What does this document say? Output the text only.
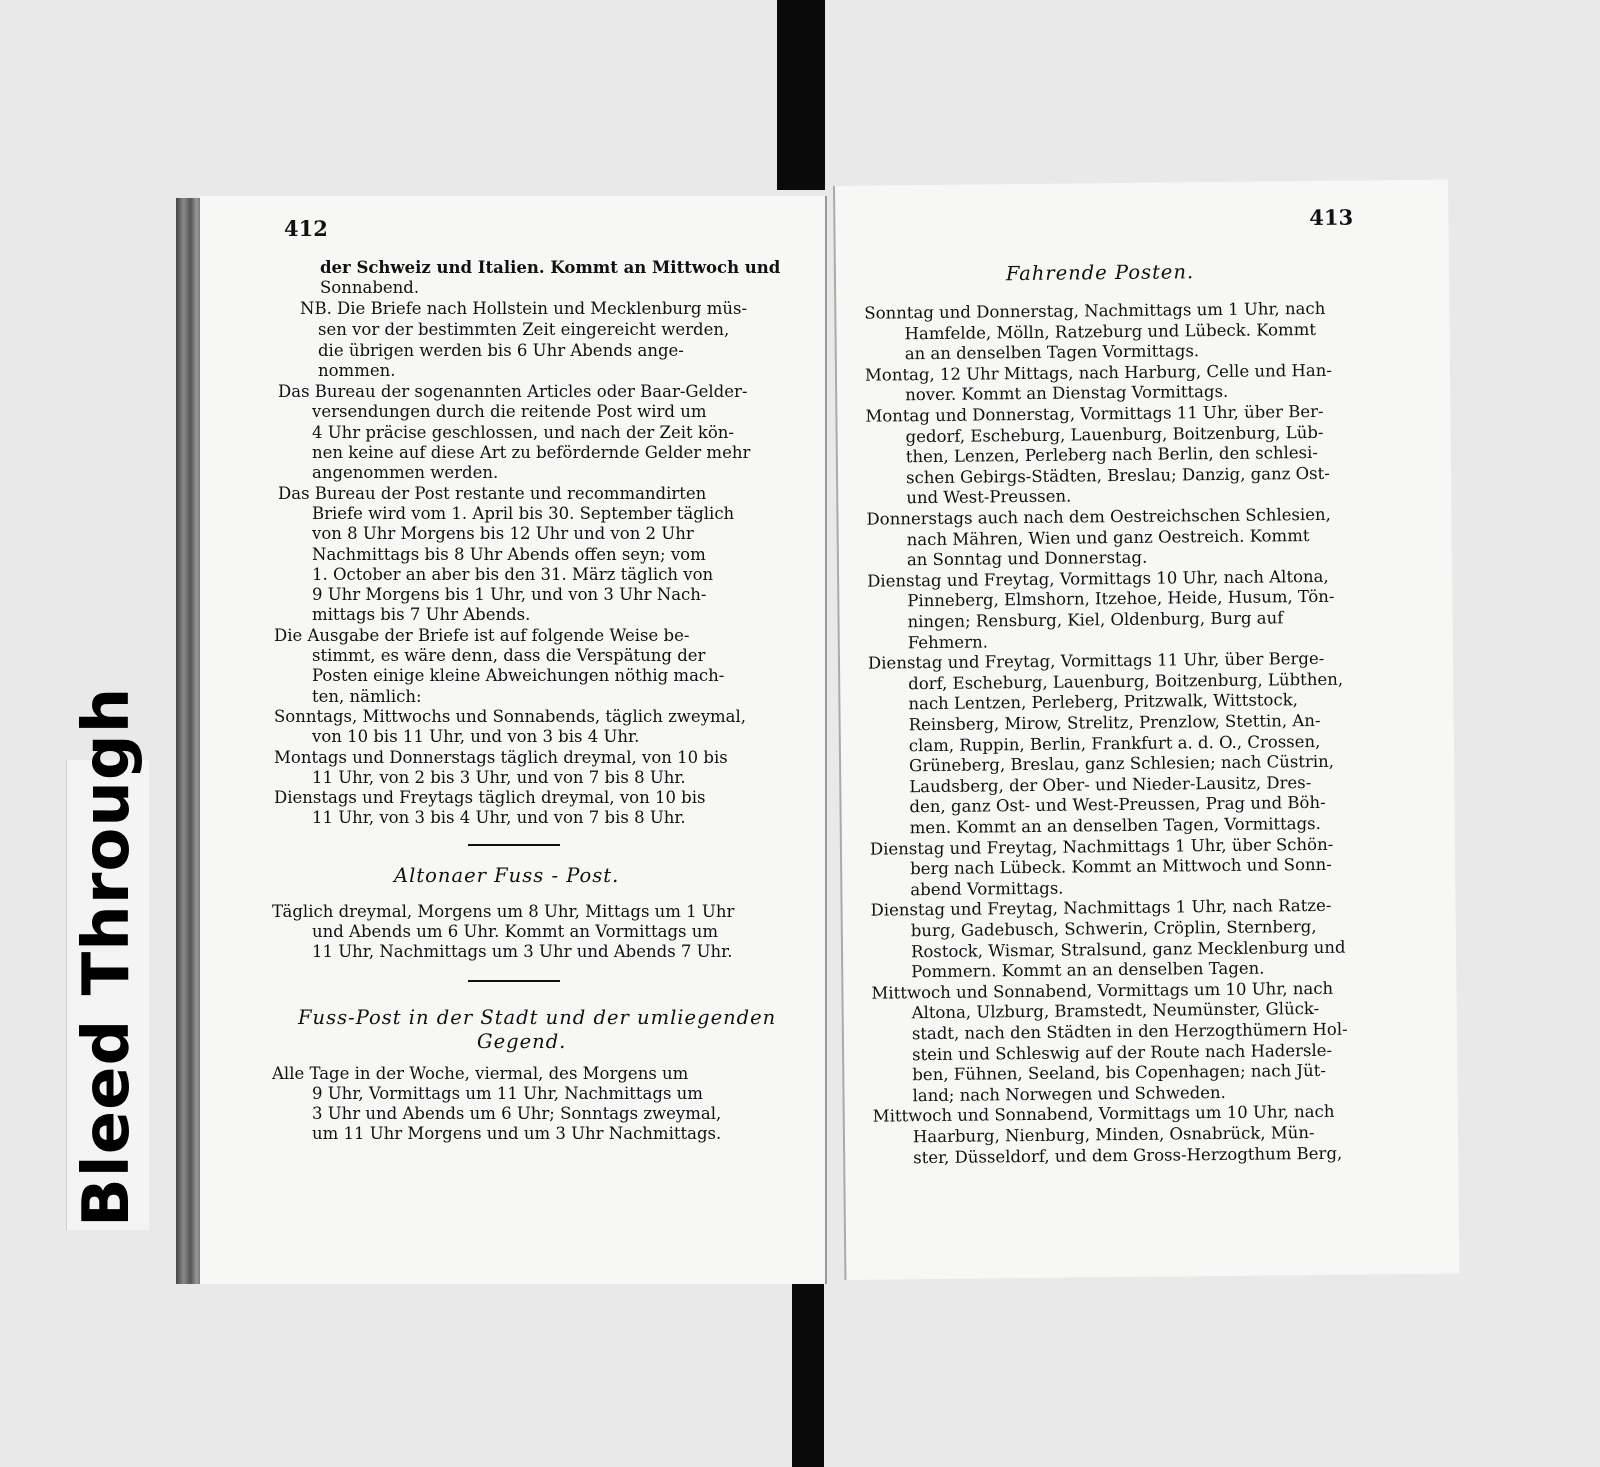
Bleed Through
412
der Schweiz und Italien. Kommt an Mittwoch und
Sonnabend.
NB. Die Briefe nach Hollstein und Mecklenburg müs-
sen vor der bestimmten Zeit eingereicht werden,
die übrigen werden bis 6 Uhr Abends ange-
nommen.
Das Bureau der sogenannten Articles oder Baar-Gelder-
versendungen durch die reitende Post wird um
4 Uhr präcise geschlossen, und nach der Zeit kön-
nen keine auf diese Art zu befördernde Gelder mehr
angenommen werden.
Das Bureau der Post restante und recommandirten
Briefe wird vom 1. April bis 30. September täglich
von 8 Uhr Morgens bis 12 Uhr und von 2 Uhr
Nachmittags bis 8 Uhr Abends offen seyn; vom
1. October an aber bis den 31. März täglich von
9 Uhr Morgens bis 1 Uhr, und von 3 Uhr Nach-
mittags bis 7 Uhr Abends.
Die Ausgabe der Briefe ist auf folgende Weise be-
stimmt, es wäre denn, dass die Verspätung der
Posten einige kleine Abweichungen nöthig mach-
ten, nämlich:
Sonntags, Mittwochs und Sonnabends, täglich zweymal,
von 10 bis 11 Uhr, und von 3 bis 4 Uhr.
Montags und Donnerstags täglich dreymal, von 10 bis
11 Uhr, von 2 bis 3 Uhr, und von 7 bis 8 Uhr.
Dienstags und Freytags täglich dreymal, von 10 bis
11 Uhr, von 3 bis 4 Uhr, und von 7 bis 8 Uhr.
Altonaer Fuss - Post.
Täglich dreymal, Morgens um 8 Uhr, Mittags um 1 Uhr
und Abends um 6 Uhr. Kommt an Vormittags um
11 Uhr, Nachmittags um 3 Uhr und Abends 7 Uhr.
Fuss-Post in der Stadt und der umliegenden
Gegend.
Alle Tage in der Woche, viermal, des Morgens um
9 Uhr, Vormittags um 11 Uhr, Nachmittags um
3 Uhr und Abends um 6 Uhr; Sonntags zweymal,
um 11 Uhr Morgens und um 3 Uhr Nachmittags.
413
Fahrende Posten.
Sonntag und Donnerstag, Nachmittags um 1 Uhr, nach
Hamfelde, Mölln, Ratzeburg und Lübeck. Kommt
an an denselben Tagen Vormittags.
Montag, 12 Uhr Mittags, nach Harburg, Celle und Han-
nover. Kommt an Dienstag Vormittags.
Montag und Donnerstag, Vormittags 11 Uhr, über Ber-
gedorf, Escheburg, Lauenburg, Boitzenburg, Lüb-
then, Lenzen, Perleberg nach Berlin, den schlesi-
schen Gebirgs-Städten, Breslau; Danzig, ganz Ost-
und West-Preussen.
Donnerstags auch nach dem Oestreichschen Schlesien,
nach Mähren, Wien und ganz Oestreich. Kommt
an Sonntag und Donnerstag.
Dienstag und Freytag, Vormittags 10 Uhr, nach Altona,
Pinneberg, Elmshorn, Itzehoe, Heide, Husum, Tön-
ningen; Rensburg, Kiel, Oldenburg, Burg auf
Fehmern.
Dienstag und Freytag, Vormittags 11 Uhr, über Berge-
dorf, Escheburg, Lauenburg, Boitzenburg, Lübthen,
nach Lentzen, Perleberg, Pritzwalk, Wittstock,
Reinsberg, Mirow, Strelitz, Prenzlow, Stettin, An-
clam, Ruppin, Berlin, Frankfurt a. d. O., Crossen,
Grüneberg, Breslau, ganz Schlesien; nach Cüstrin,
Laudsberg, der Ober- und Nieder-Lausitz, Dres-
den, ganz Ost- und West-Preussen, Prag und Böh-
men. Kommt an an denselben Tagen, Vormittags.
Dienstag und Freytag, Nachmittags 1 Uhr, über Schön-
berg nach Lübeck. Kommt an Mittwoch und Sonn-
abend Vormittags.
Dienstag und Freytag, Nachmittags 1 Uhr, nach Ratze-
burg, Gadebusch, Schwerin, Cröplin, Sternberg,
Rostock, Wismar, Stralsund, ganz Mecklenburg und
Pommern. Kommt an an denselben Tagen.
Mittwoch und Sonnabend, Vormittags um 10 Uhr, nach
Altona, Ulzburg, Bramstedt, Neumünster, Glück-
stadt, nach den Städten in den Herzogthümern Hol-
stein und Schleswig auf der Route nach Hadersle-
ben, Fühnen, Seeland, bis Copenhagen; nach Jüt-
land; nach Norwegen und Schweden.
Mittwoch und Sonnabend, Vormittags um 10 Uhr, nach
Haarburg, Nienburg, Minden, Osnabrück, Mün-
ster, Düsseldorf, und dem Gross-Herzogthum Berg,
